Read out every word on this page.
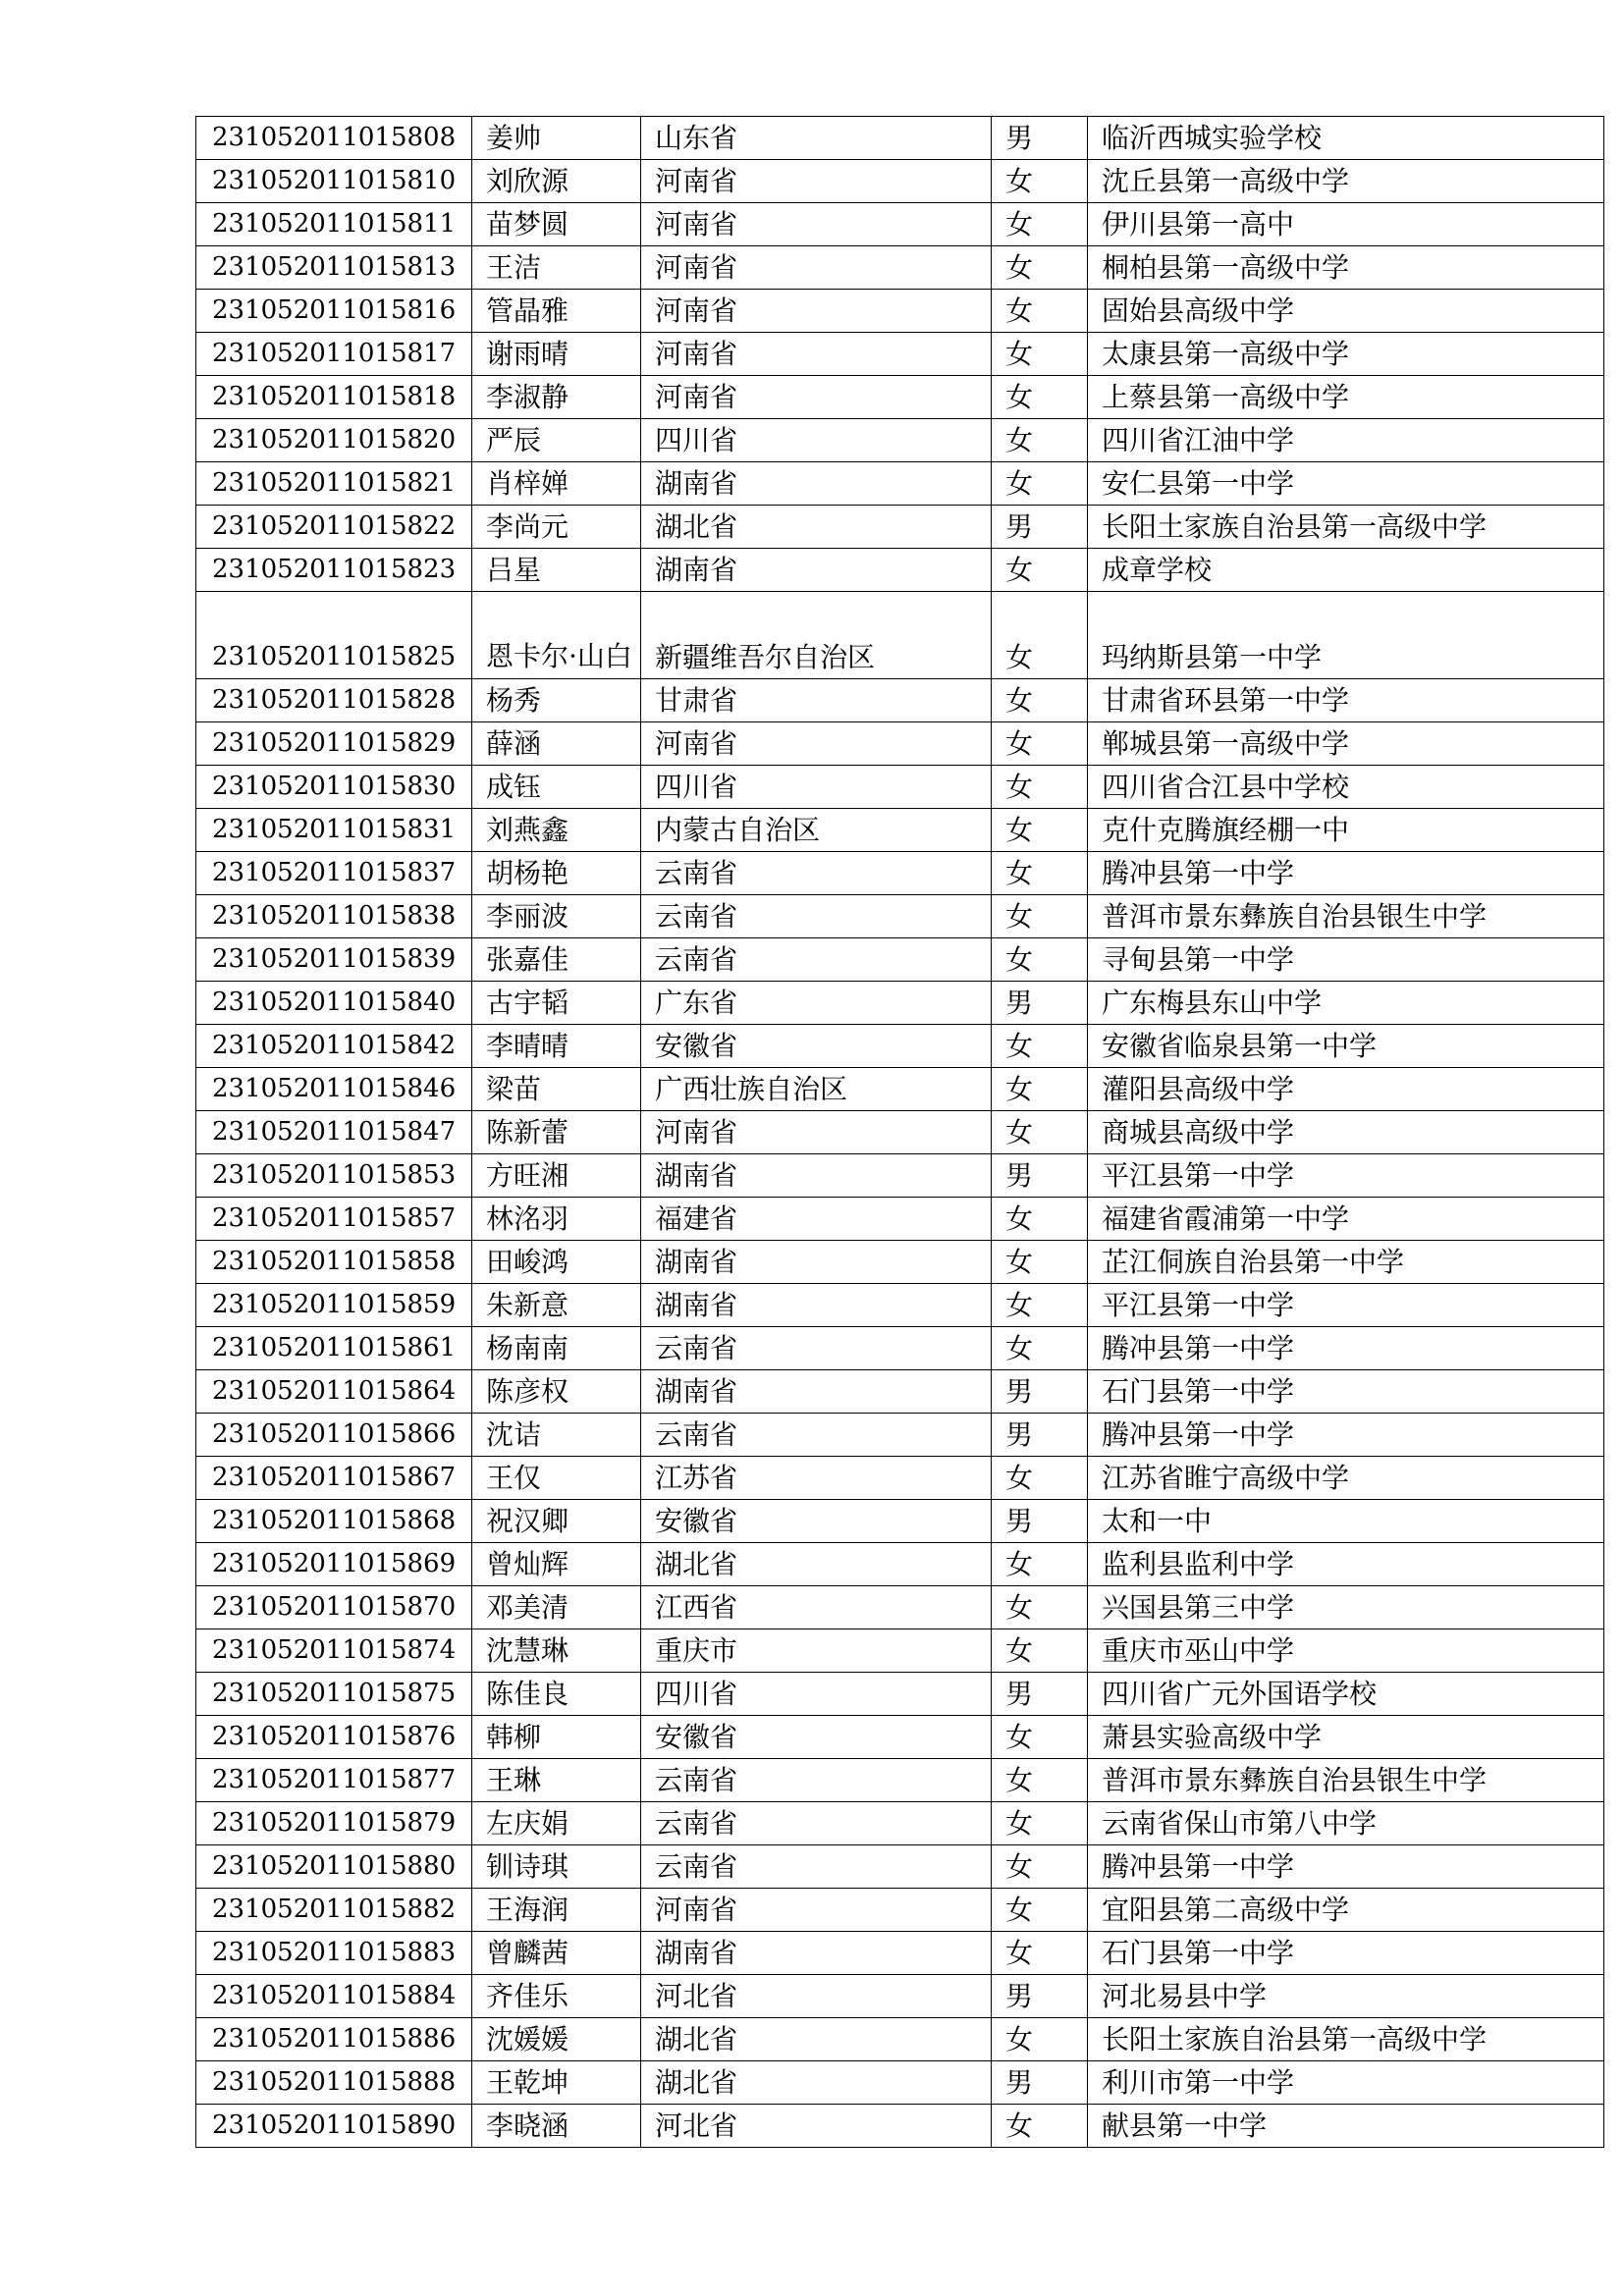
231052011015808	姜帅	山东省	男	临沂西城实验学校
231052011015810	刘欣源	河南省	女	沈丘县第一高级中学
231052011015811	苗梦圆	河南省	女	伊川县第一高中
231052011015813	王洁	河南省	女	桐柏县第一高级中学
231052011015816	管晶雅	河南省	女	固始县高级中学
231052011015817	谢雨晴	河南省	女	太康县第一高级中学
231052011015818	李淑静	河南省	女	上蔡县第一高级中学
231052011015820	严辰	四川省	女	四川省江油中学
231052011015821	肖梓婵	湖南省	女	安仁县第一中学
231052011015822	李尚元	湖北省	男	长阳土家族自治县第一高级中学
231052011015823	吕星	湖南省	女	成章学校
231052011015825	恩卡尔·山白	新疆维吾尔自治区	女	玛纳斯县第一中学
231052011015828	杨秀	甘肃省	女	甘肃省环县第一中学
231052011015829	薛涵	河南省	女	郸城县第一高级中学
231052011015830	成钰	四川省	女	四川省合江县中学校
231052011015831	刘燕鑫	内蒙古自治区	女	克什克腾旗经棚一中
231052011015837	胡杨艳	云南省	女	腾冲县第一中学
231052011015838	李丽波	云南省	女	普洱市景东彝族自治县银生中学
231052011015839	张嘉佳	云南省	女	寻甸县第一中学
231052011015840	古宇韬	广东省	男	广东梅县东山中学
231052011015842	李晴晴	安徽省	女	安徽省临泉县第一中学
231052011015846	梁苗	广西壮族自治区	女	灌阳县高级中学
231052011015847	陈新蕾	河南省	女	商城县高级中学
231052011015853	方旺湘	湖南省	男	平江县第一中学
231052011015857	林洺羽	福建省	女	福建省霞浦第一中学
231052011015858	田峻鸿	湖南省	女	芷江侗族自治县第一中学
231052011015859	朱新意	湖南省	女	平江县第一中学
231052011015861	杨南南	云南省	女	腾冲县第一中学
231052011015864	陈彦权	湖南省	男	石门县第一中学
231052011015866	沈诘	云南省	男	腾冲县第一中学
231052011015867	王仅	江苏省	女	江苏省睢宁高级中学
231052011015868	祝汉卿	安徽省	男	太和一中
231052011015869	曾灿辉	湖北省	女	监利县监利中学
231052011015870	邓美清	江西省	女	兴国县第三中学
231052011015874	沈慧琳	重庆市	女	重庆市巫山中学
231052011015875	陈佳良	四川省	男	四川省广元外国语学校
231052011015876	韩柳	安徽省	女	萧县实验高级中学
231052011015877	王琳	云南省	女	普洱市景东彝族自治县银生中学
231052011015879	左庆娟	云南省	女	云南省保山市第八中学
231052011015880	钏诗琪	云南省	女	腾冲县第一中学
231052011015882	王海润	河南省	女	宜阳县第二高级中学
231052011015883	曾麟茜	湖南省	女	石门县第一中学
231052011015884	齐佳乐	河北省	男	河北易县中学
231052011015886	沈媛媛	湖北省	女	长阳土家族自治县第一高级中学
231052011015888	王乾坤	湖北省	男	利川市第一中学
231052011015890	李晓涵	河北省	女	献县第一中学
